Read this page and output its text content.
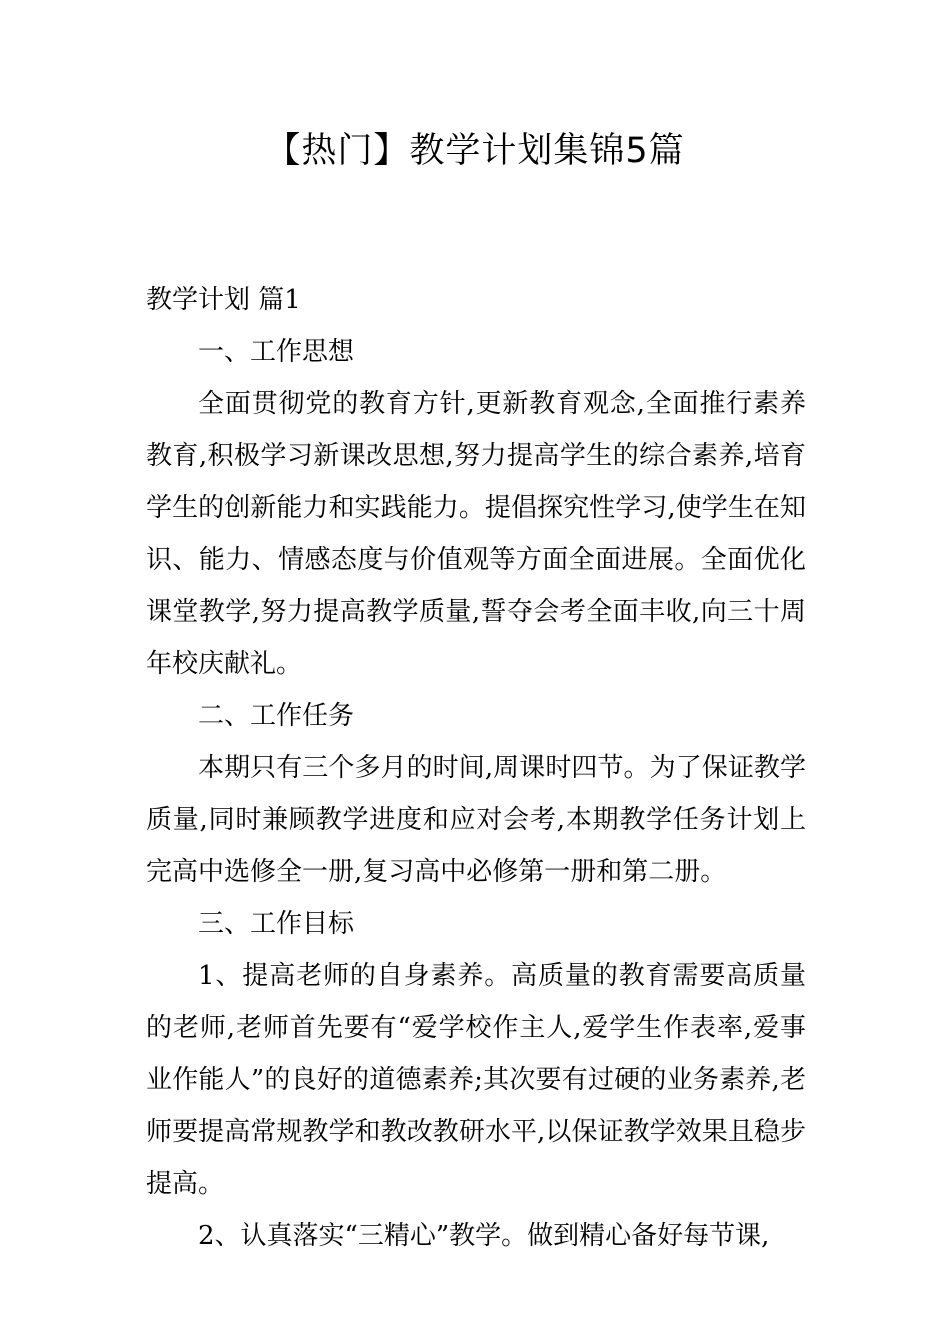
【热门】教学计划集锦5篇

教学计划 篇1

一、工作思想

全面贯彻党的教育方针,更新教育观念,全面推行素养教育,积极学习新课改思想,努力提高学生的综合素养,培育学生的创新能力和实践能力。提倡探究性学习,使学生在知识、能力、情感态度与价值观等方面全面进展。全面优化课堂教学,努力提高教学质量,誓夺会考全面丰收,向三十周年校庆献礼。

二、工作任务

本期只有三个多月的时间,周课时四节。为了保证教学质量,同时兼顾教学进度和应对会考,本期教学任务计划上完高中选修全一册,复习高中必修第一册和第二册。

三、工作目标

1、提高老师的自身素养。高质量的教育需要高质量的老师,老师首先要有“爱学校作主人,爱学生作表率,爱事业作能人”的良好的道德素养;其次要有过硬的业务素养,老师要提高常规教学和教改教研水平,以保证教学效果且稳步提高。

2、认真落实“三精心”教学。做到精心备好每节课,
